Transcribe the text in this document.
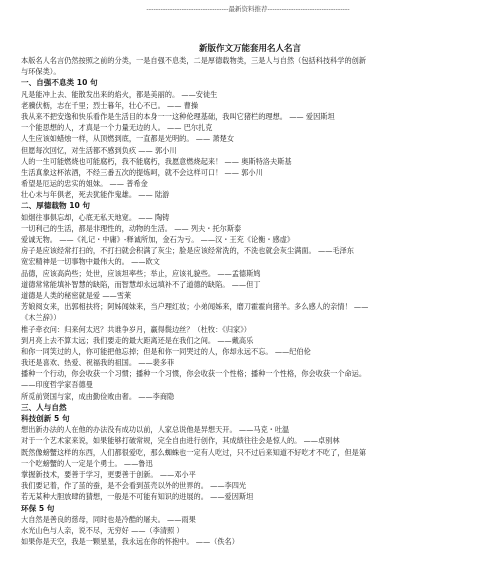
-----------------------------------最新资料推荐-----------------------------------
新版作文万能套用名人名言
本版名人名言仍然按照之前的分类，一是自强不息类，二是厚德载物类，三是人与自然（包括科技科学的创新
与环保类）。
一、自强不息类 10 句
凡是能冲上去、能散发出来的焰火，都是美丽的。 ——安徒生
老骥伏枥，志在千里；烈士暮年，壮心不已。 —— 曹操
我从来不把安逸和快乐看作是生活目的本身一一这种伦理基础，我叫它猪栏的理想。 —— 爱因斯坦
一个能思想的人，才真是一个力量无边的人。 —— 巴尔扎克
人生应该如蜡烛一样，从顶燃到底，一直都是光明的。 —— 萧楚女
但愿每次回忆，对生活都不感到负疚 —— 郭小川
人的一生可能燃烧也可能腐朽，我不能腐朽，我愿意燃烧起来！ —— 奥斯特洛夫斯基
生活真象这杯浓酒，不经三番五次的提炼呵，就不会这样可口！ —— 郭小川
希望是厄运的忠实的姐妹。 —— 普希金
壮心未与年俱老，死去犹能作鬼雄。 —— 陆游
二、厚德载物 10 句
如烟往事俱忘却，心底无私天地宽。 —— 陶铸
一切利己的生活，都是非理性的，动物的生活。 —— 列夫・托尔斯泰
爱诚无物。 ——《礼记・中庸》-释诚所加，金石为亏。 ——汉・王充《论衡・感虚》
房子是应该经常打扫的，不打扫就会积满了灰尘；脸是应该经常洗的，不洗也就会灰尘满面。 ——毛泽东
宽宏精神是一切事物中最伟大的。 ——欧文
品德，应该高尚些；处世，应该坦率些；举止，应该礼貌些。 ——孟德斯鸠
道德常常能填补智慧的缺陷，而智慧却永远填补不了道德的缺陷。 ——但丁
道德是人类的秘密就是爱 ——雪莱
芳娘阅女来，出郭相扶将；阿姊闻妹来，当户理红妆；小弟闻姊来，磨刀霍霍向猪羊。多么感人的亲情！ ——
《木兰辞》）
椎子牵衣问：归来何太迟？共谁争岁月，赢得鬓边丝？（杜牧：《归家》）
到月亮上去不算太远；我们要走的最大距离还是在我们之间。 ——戴高乐
和你一同笑过的人，你可能把他忘掉；但是和你一同哭过的人，你却永远不忘。 ——纪伯伦
我还是喜欢、热爱、祝福我的祖国。 ——裴多菲
播种一个行动，你会收获一个习惯；播种一个习惯，你会收获一个性格；播种一个性格，你会收获一个命运。
——印度哲学家吾德曼
所觅前贤国与家，成由勤俭败由奢。 ——李商隐
三、人与自然
科技创新 5 句
想出新办法的人在他的办法没有成功以前，人家总说他是异想天开。 ——马克・吐温
对于一个艺术家来说，如果能够打破常规，完全自由进行创作，其成绩往往会是惊人的。 ——卓别林
既然像螃蟹这样的东西，人们都很爱吃，那么蜘蛛也一定有人吃过，只不过后来知道不好吃才不吃了，但是第
一个吃螃蟹的人一定是个勇士。 ——鲁迅
掌握新技术，要善于学习，更要善于创新。 ——邓小平
我们要记着，作了茧的蚕，是不会看到茧壳以外的世界的。 ——李四光
若无某种大胆放肆的猜想，一般是不可能有知识的进展的。 ——爱因斯坦
环保 5 句
大自然是善良的慈母，同时也是冷酷的屠夫。 ——雨果
水光山色与人亲，说不尽，无穷好 ——（李清照 ）
如果你是天空，我是一颗星星，我永远在你的怀抱中。 ——（佚名）
